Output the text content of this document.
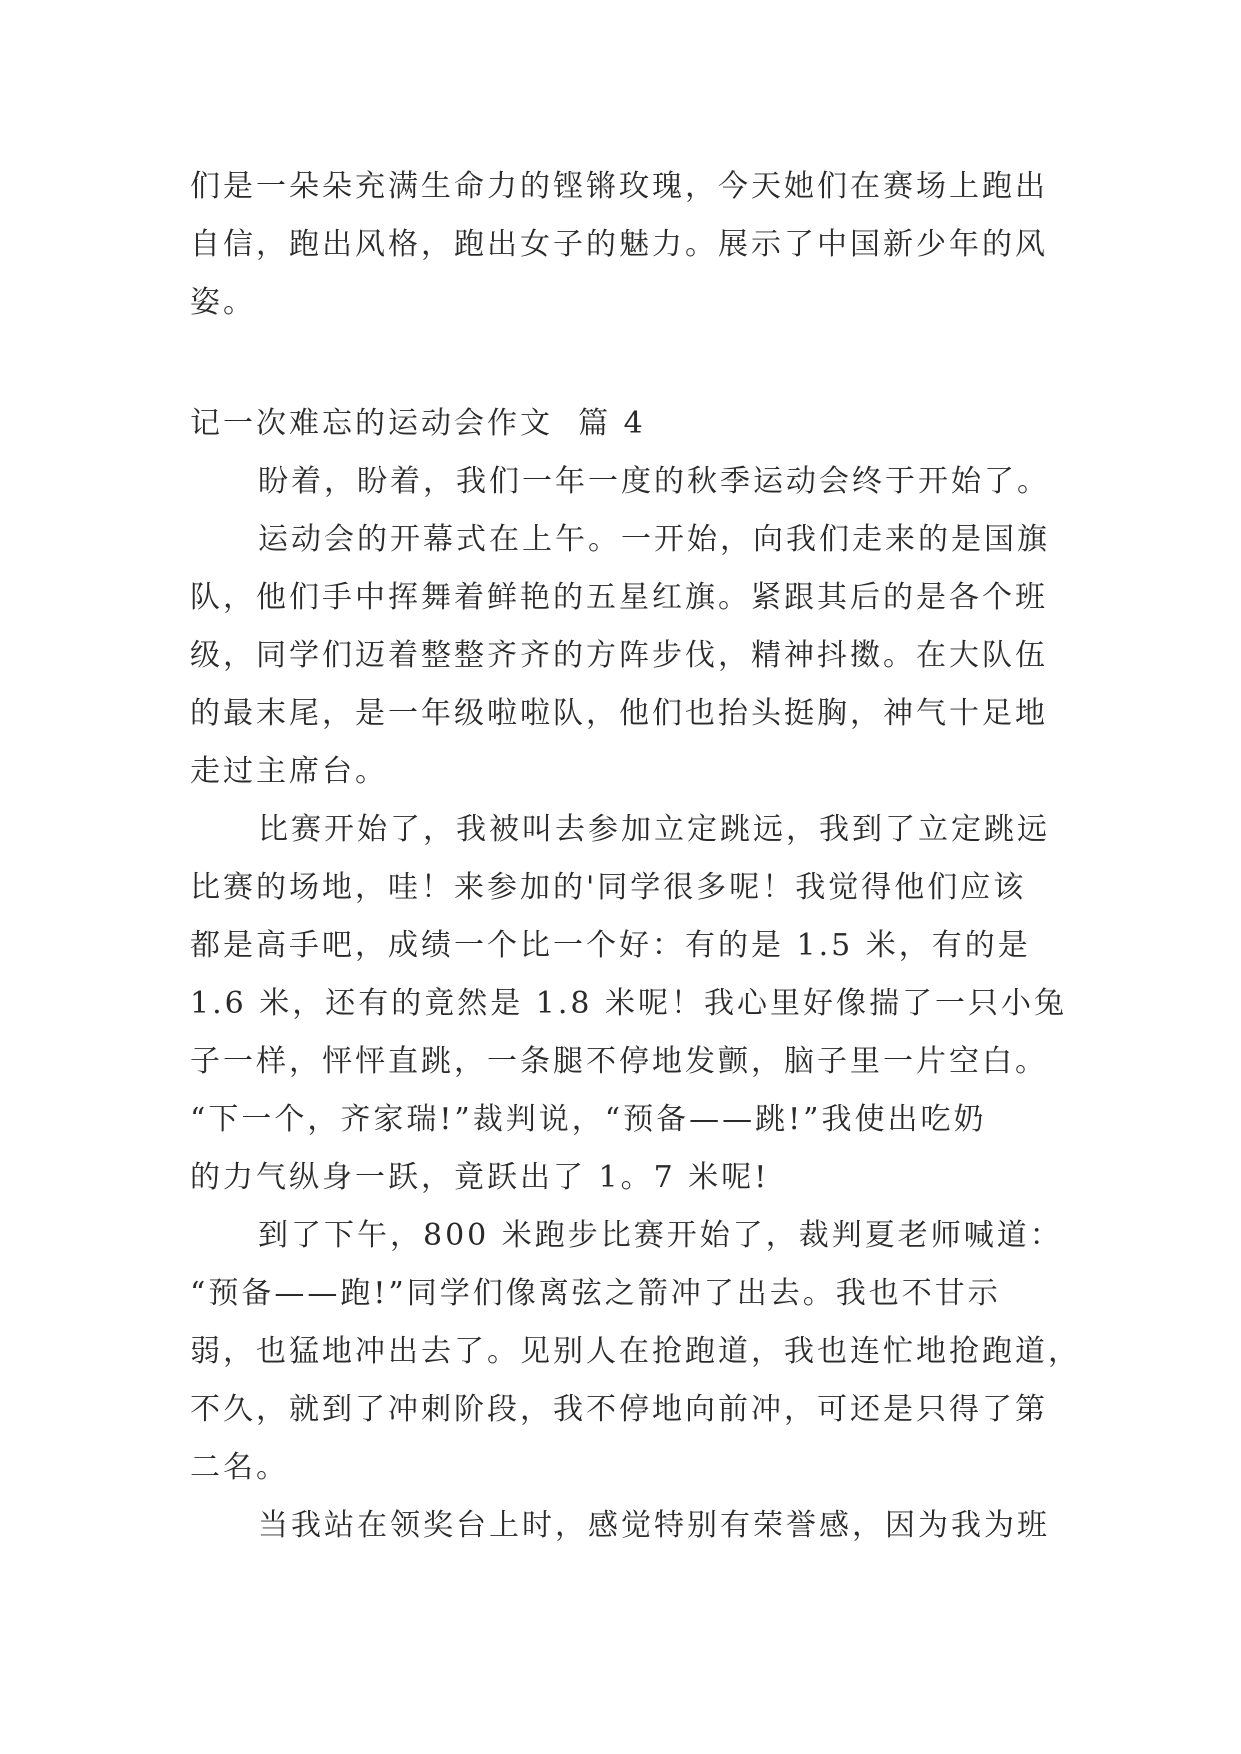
们是一朵朵充满生命力的铿锵玫瑰，今天她们在赛场上跑出
自信，跑出风格，跑出女子的魅力。展示了中国新少年的风
姿。
记一次难忘的运动会作文  篇 4
盼着，盼着，我们一年一度的秋季运动会终于开始了。
运动会的开幕式在上午。一开始，向我们走来的是国旗
队，他们手中挥舞着鲜艳的五星红旗。紧跟其后的是各个班
级，同学们迈着整整齐齐的方阵步伐，精神抖擞。在大队伍
的最末尾，是一年级啦啦队，他们也抬头挺胸，神气十足地
走过主席台。
比赛开始了，我被叫去参加立定跳远，我到了立定跳远
比赛的场地，哇！来参加的'同学很多呢！我觉得他们应该
都是高手吧，成绩一个比一个好：有的是 1.5 米，有的是
1.6 米，还有的竟然是 1.8 米呢！我心里好像揣了一只小兔
子一样，怦怦直跳，一条腿不停地发颤，脑子里一片空白。
“下一个，齐家瑞!”裁判说，“预备——跳!”我使出吃奶
的力气纵身一跃，竟跃出了 1。7 米呢!
到了下午，800 米跑步比赛开始了，裁判夏老师喊道：
“预备——跑!”同学们像离弦之箭冲了出去。我也不甘示
弱，也猛地冲出去了。见别人在抢跑道，我也连忙地抢跑道，
不久，就到了冲刺阶段，我不停地向前冲，可还是只得了第
二名。
当我站在领奖台上时，感觉特别有荣誉感，因为我为班
